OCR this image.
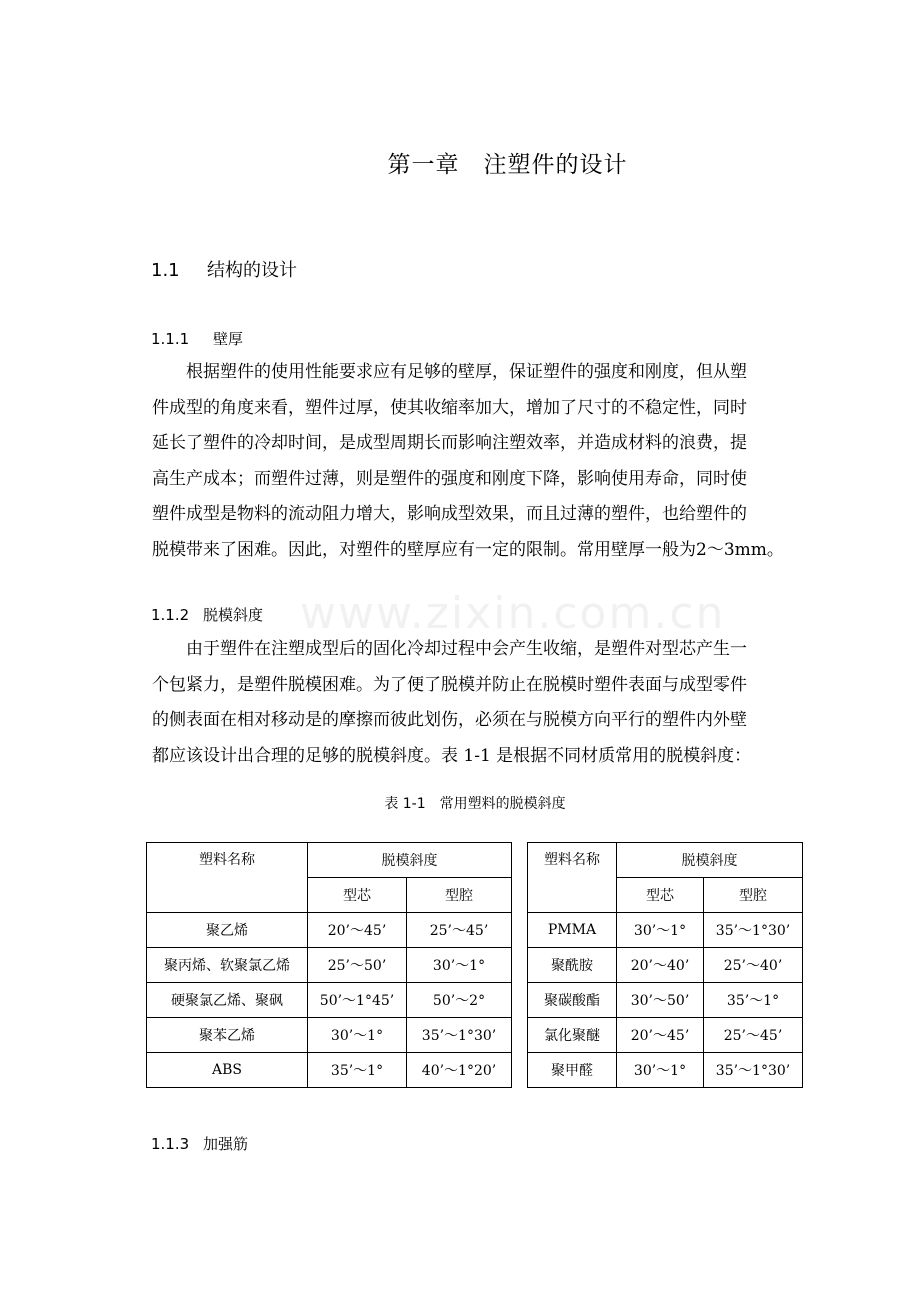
www.zixin.com.cn
第一章　注塑件的设计
1.1 结构的设计
1.1.1 壁厚
　　根据塑件的使用性能要求应有足够的壁厚，保证塑件的强度和刚度，但从塑
件成型的角度来看，塑件过厚，使其收缩率加大，增加了尺寸的不稳定性，同时
延长了塑件的冷却时间，是成型周期长而影响注塑效率，并造成材料的浪费，提
高生产成本；而塑件过薄，则是塑件的强度和刚度下降，影响使用寿命，同时使
塑件成型是物料的流动阻力增大，影响成型效果，而且过薄的塑件，也给塑件的
脱模带来了困难。因此，对塑件的壁厚应有一定的限制。常用壁厚一般为2～3mm。
1.1.2 脱模斜度
　　由于塑件在注塑成型后的固化冷却过程中会产生收缩，是塑件对型芯产生一
个包紧力，是塑件脱模困难。为了便了脱模并防止在脱模时塑件表面与成型零件
的侧表面在相对移动是的摩擦而彼此划伤，必须在与脱模方向平行的塑件内外壁
都应该设计出合理的足够的脱模斜度。表 1-1 是根据不同材质常用的脱模斜度：
表 1-1 常用塑料的脱模斜度
塑料名称	脱模斜度	
	型芯	型腔
聚乙烯	20’～45’	25’～45’
聚丙烯、软聚氯乙烯	25’～50’	30’～1°
硬聚氯乙烯、聚砜	50’～1°45’	50’～2°
聚苯乙烯	30’～1°	35’～1°30’
ABS	35’～1°	40’～1°20’
塑料名称	脱模斜度	
	型芯	型腔
PMMA	30’～1°	35’～1°30’
聚酰胺	20’～40’	25’～40’
聚碳酸酯	30’～50’	35’～1°
氯化聚醚	20’～45’	25’～45’
聚甲醛	30’～1°	35’～1°30’
1.1.3 加强筋
